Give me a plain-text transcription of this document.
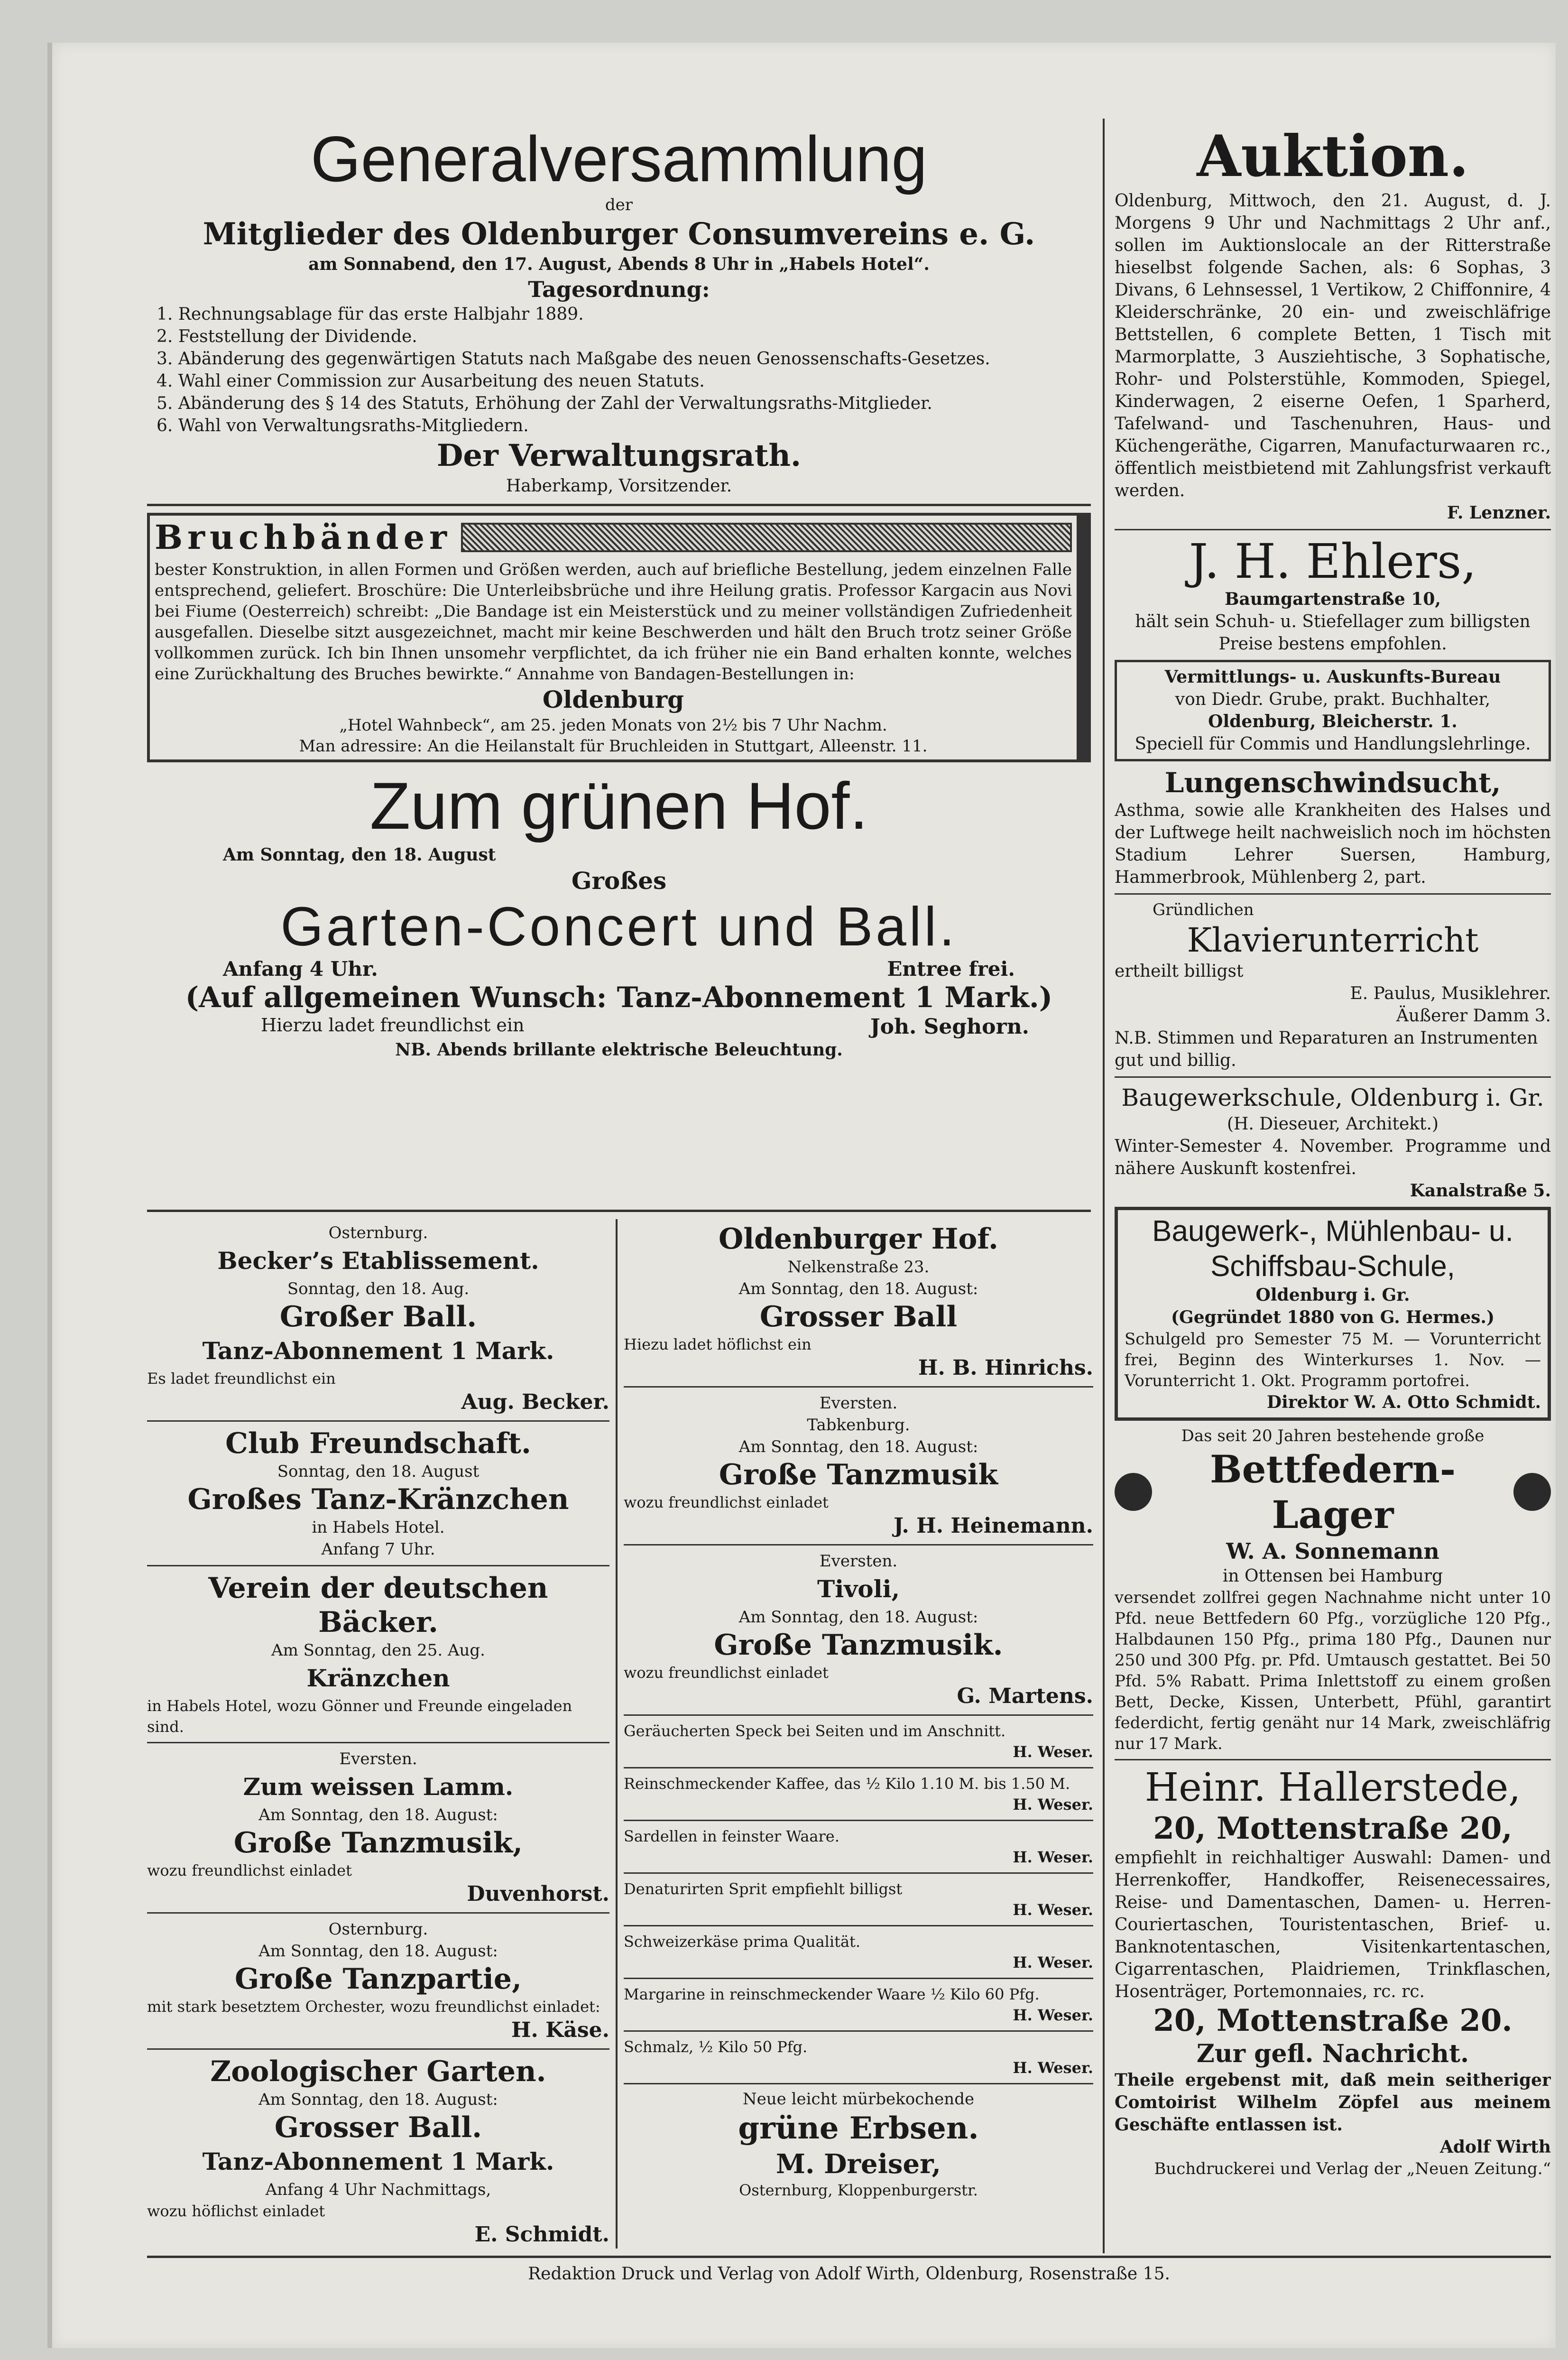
Generalversammlung

der

Mitglieder des Oldenburger Consumvereins e. G.

am Sonnabend, den 17. August, Abends 8 Uhr in „Habels Hotel“.

Tagesordnung:

1. Rechnungsablage für das erste Halbjahr 1889.

2. Feststellung der Dividende.

3. Abänderung des gegenwärtigen Statuts nach Maßgabe des neuen Genossenschafts-Gesetzes.

4. Wahl einer Commission zur Ausarbeitung des neuen Statuts.

5. Abänderung des § 14 des Statuts, Erhöhung der Zahl der Verwaltungsraths-Mitglieder.

6. Wahl von Verwaltungsraths-Mitgliedern.

Der Verwaltungsrath.

Haberkamp, Vorsitzender.

Bruchbänder

bester Konstruktion, in allen Formen und Größen werden, auch auf briefliche Bestellung, jedem einzelnen Falle entsprechend, geliefert. Broschüre: Die Unterleibsbrüche und ihre Heilung gratis. Professor Kargacin aus Novi bei Fiume (Oesterreich) schreibt: „Die Bandage ist ein Meisterstück und zu meiner vollständigen Zufriedenheit ausgefallen. Dieselbe sitzt ausgezeichnet, macht mir keine Beschwerden und hält den Bruch trotz seiner Größe vollkommen zurück. Ich bin Ihnen unsomehr verpflichtet, da ich früher nie ein Band erhalten konnte, welches eine Zurückhaltung des Bruches bewirkte.“ Annahme von Bandagen-Bestellungen in:

Oldenburg

„Hotel Wahnbeck“, am 25. jeden Monats von 2½ bis 7 Uhr Nachm.

Man adressire: An die Heilanstalt für Bruchleiden in Stuttgart, Alleenstr. 11.

Zum grünen Hof.

Am Sonntag, den 18. August

Großes

Garten-Concert und Ball.

Anfang 4 Uhr.	Entree frei.

(Auf allgemeinen Wunsch: Tanz-Abonnement 1 Mark.)

Hierzu ladet freundlichst ein	Joh. Seghorn.

NB. Abends brillante elektrische Beleuchtung.

Osternburg.

Becker’s Etablissement.

Sonntag, den 18. Aug.

Großer Ball.

Tanz-Abonnement 1 Mark.

Es ladet freundlichst ein

Aug. Becker.

Club Freundschaft.

Sonntag, den 18. August

Großes Tanz-Kränzchen

in Habels Hotel.

Anfang 7 Uhr.

Verein der deutschen Bäcker.

Am Sonntag, den 25. Aug.

Kränzchen

in Habels Hotel, wozu Gönner und Freunde eingeladen sind.

Eversten.

Zum weissen Lamm.

Am Sonntag, den 18. August:

Große Tanzmusik,

wozu freundlichst einladet

Duvenhorst.

Osternburg.

Am Sonntag, den 18. August:

Große Tanzpartie,

mit stark besetztem Orchester, wozu freundlichst einladet:

H. Käse.

Zoologischer Garten.

Am Sonntag, den 18. August:

Grosser Ball.

Tanz-Abonnement 1 Mark.

Anfang 4 Uhr Nachmittags,

wozu höflichst einladet

E. Schmidt.

Oldenburger Hof.

Nelkenstraße 23.

Am Sonntag, den 18. August:

Grosser Ball

Hiezu ladet höflichst ein

H. B. Hinrichs.

Eversten.

Tabkenburg.

Am Sonntag, den 18. August:

Große Tanzmusik

wozu freundlichst einladet

J. H. Heinemann.

Eversten.

Tivoli,

Am Sonntag, den 18. August:

Große Tanzmusik.

wozu freundlichst einladet

G. Martens.

Geräucherten Speck bei Seiten und im Anschnitt.

H. Weser.

Reinschmeckender Kaffee, das ½ Kilo 1.10 M. bis 1.50 M.

H. Weser.

Sardellen in feinster Waare.

H. Weser.

Denaturirten Sprit empfiehlt billigst

H. Weser.

Schweizerkäse prima Qualität.

H. Weser.

Margarine in reinschmeckender Waare ½ Kilo 60 Pfg.

H. Weser.

Schmalz, ½ Kilo 50 Pfg.

H. Weser.

Neue leicht mürbekochende

grüne Erbsen.

M. Dreiser,

Osternburg, Kloppenburgerstr.

Auktion.

Oldenburg, Mittwoch, den 21. August, d. J. Morgens 9 Uhr und Nachmittags 2 Uhr anf., sollen im Auktionslocale an der Ritterstraße hieselbst folgende Sachen, als: 6 Sophas, 3 Divans, 6 Lehnsessel, 1 Vertikow, 2 Chiffonnire, 4 Kleiderschränke, 20 ein- und zweischläfrige Bettstellen, 6 complete Betten, 1 Tisch mit Marmorplatte, 3 Ausziehtische, 3 Sophatische, Rohr- und Polsterstühle, Kommoden, Spiegel, Kinderwagen, 2 eiserne Oefen, 1 Sparherd, Tafelwand- und Taschenuhren, Haus- und Küchengeräthe, Cigarren, Manufacturwaaren rc., öffentlich meistbietend mit Zahlungsfrist verkauft werden.

F. Lenzner.

J. H. Ehlers,

Baumgartenstraße 10,

hält sein Schuh- u. Stiefellager zum billigsten Preise bestens empfohlen.

Vermittlungs- u. Auskunfts-Bureau

von Diedr. Grube, prakt. Buchhalter,

Oldenburg, Bleicherstr. 1.

Speciell für Commis und Handlungslehrlinge.

Lungenschwindsucht,

Asthma, sowie alle Krankheiten des Halses und der Luftwege heilt nachweislich noch im höchsten Stadium Lehrer Suersen, Hamburg, Hammerbrook, Mühlenberg 2, part.

Gründlichen

Klavierunterricht

ertheilt billigst

E. Paulus, Musiklehrer.

Äußerer Damm 3.

N.B. Stimmen und Reparaturen an Instrumenten gut und billig.

Baugewerkschule, Oldenburg i. Gr.

(H. Dieseuer, Architekt.)

Winter-Semester 4. November. Programme und nähere Auskunft kostenfrei.

Kanalstraße 5.

Baugewerk-, Mühlenbau- u.

Schiffsbau-Schule,

Oldenburg i. Gr.

(Gegründet 1880 von G. Hermes.)

Schulgeld pro Semester 75 M. — Vorunterricht frei, Beginn des Winterkurses 1. Nov. — Vorunterricht 1. Okt. Programm portofrei.

Direktor W. A. Otto Schmidt.

Das seit 20 Jahren bestehende große

Bettfedern-Lager

W. A. Sonnemann

in Ottensen bei Hamburg

versendet zollfrei gegen Nachnahme nicht unter 10 Pfd. neue Bettfedern 60 Pfg., vorzügliche 120 Pfg., Halbdaunen 150 Pfg., prima 180 Pfg., Daunen nur 250 und 300 Pfg. pr. Pfd. Umtausch gestattet. Bei 50 Pfd. 5% Rabatt. Prima Inlettstoff zu einem großen Bett, Decke, Kissen, Unterbett, Pfühl, garantirt federdicht, fertig genäht nur 14 Mark, zweischläfrig nur 17 Mark.

Heinr. Hallerstede,

20, Mottenstraße 20,

empfiehlt in reichhaltiger Auswahl: Damen- und Herrenkoffer, Handkoffer, Reisenecessaires, Reise- und Damentaschen, Damen- u. Herren-Couriertaschen, Touristentaschen, Brief- u. Banknotentaschen, Visitenkartentaschen, Cigarrentaschen, Plaidriemen, Trinkflaschen, Hosenträger, Portemonnaies, rc. rc.

20, Mottenstraße 20.

Zur gefl. Nachricht.

Theile ergebenst mit, daß mein seitheriger Comtoirist Wilhelm Zöpfel aus meinem Geschäfte entlassen ist.

Adolf Wirth

Buchdruckerei und Verlag der „Neuen Zeitung.“

Redaktion Druck und Verlag von Adolf Wirth, Oldenburg, Rosenstraße 15.
